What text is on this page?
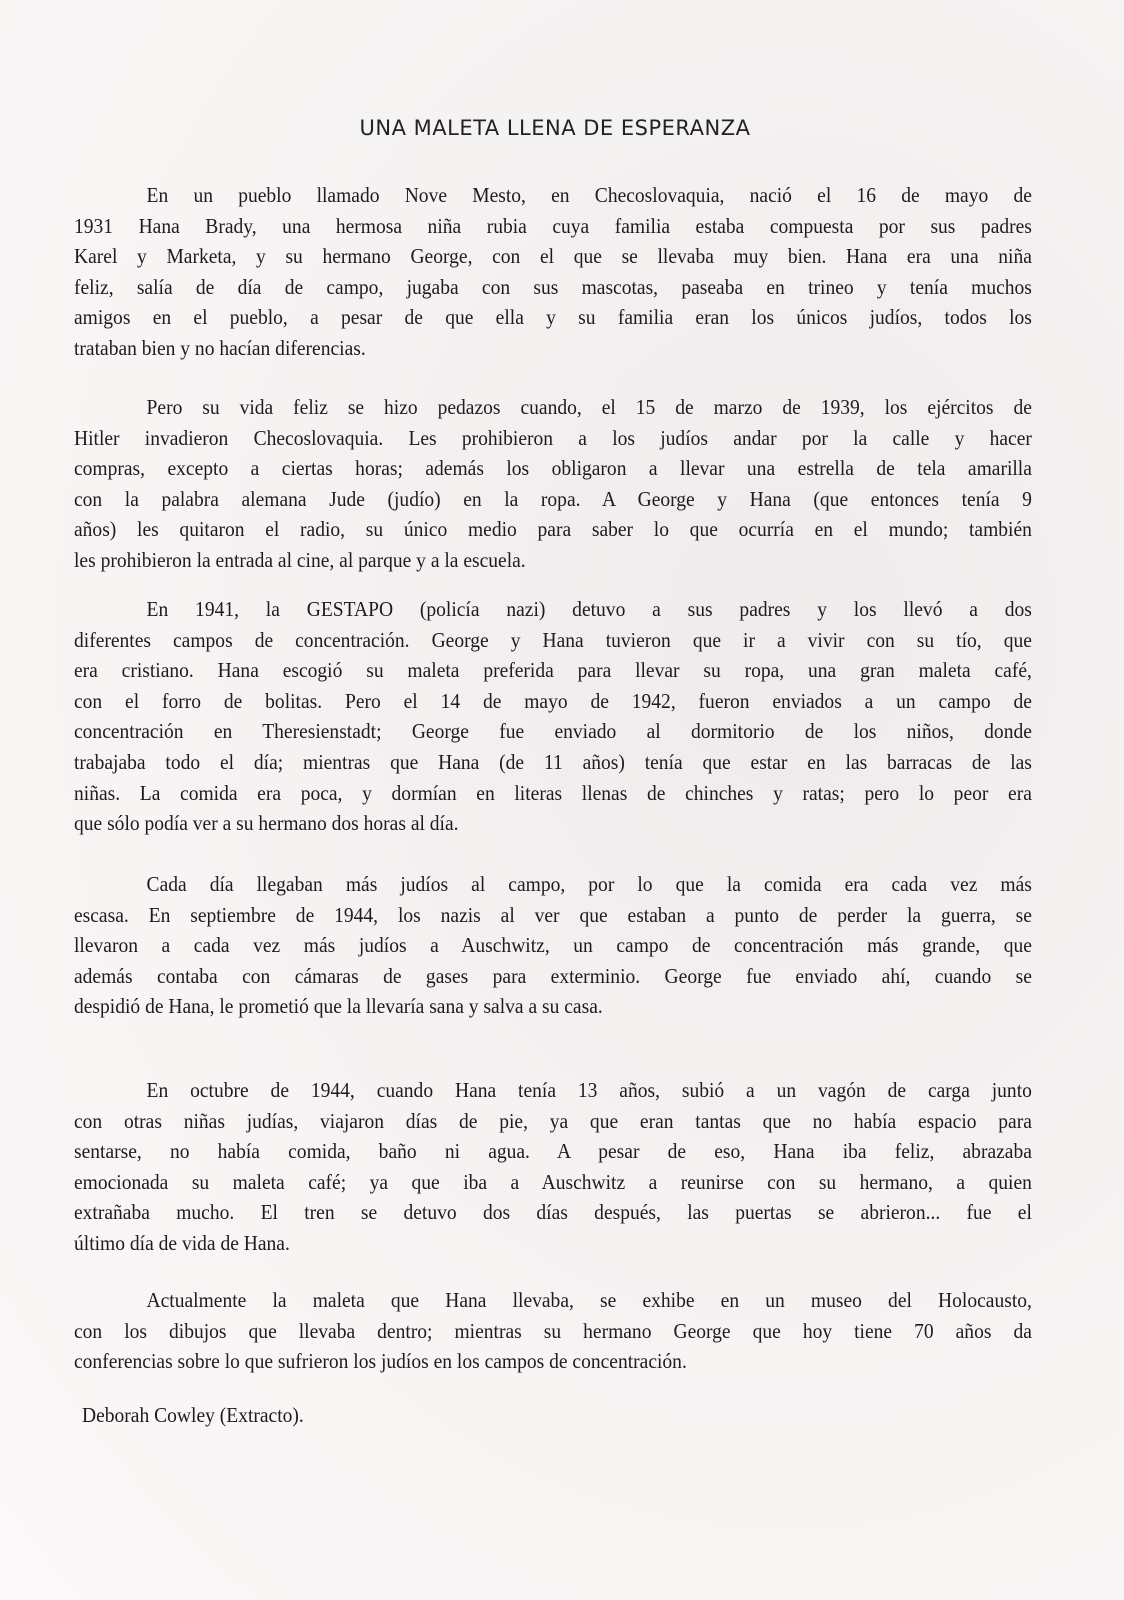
UNA MALETA LLENA DE ESPERANZA
En un pueblo llamado Nove Mesto, en Checoslovaquia, nació el 16 de mayo de
1931 Hana Brady, una hermosa niña rubia cuya familia estaba compuesta por sus padres
Karel y Marketa, y su hermano George, con el que se llevaba muy bien. Hana era una niña
feliz, salía de día de campo, jugaba con sus mascotas, paseaba en trineo y tenía muchos
amigos en el pueblo, a pesar de que ella y su familia eran los únicos judíos, todos los
trataban bien y no hacían diferencias.
Pero su vida feliz se hizo pedazos cuando, el 15 de marzo de 1939, los ejércitos de
Hitler invadieron Checoslovaquia. Les prohibieron a los judíos andar por la calle y hacer
compras, excepto a ciertas horas; además los obligaron a llevar una estrella de tela amarilla
con la palabra alemana Jude (judío) en la ropa. A George y Hana (que entonces tenía 9
años) les quitaron el radio, su único medio para saber lo que ocurría en el mundo; también
les prohibieron la entrada al cine, al parque y a la escuela.
En 1941, la GESTAPO (policía nazi) detuvo a sus padres y los llevó a dos
diferentes campos de concentración. George y Hana tuvieron que ir a vivir con su tío, que
era cristiano. Hana escogió su maleta preferida para llevar su ropa, una gran maleta café,
con el forro de bolitas. Pero el 14 de mayo de 1942, fueron enviados a un campo de
concentración en Theresienstadt; George fue enviado al dormitorio de los niños, donde
trabajaba todo el día; mientras que Hana (de 11 años) tenía que estar en las barracas de las
niñas. La comida era poca, y dormían en literas llenas de chinches y ratas; pero lo peor era
que sólo podía ver a su hermano dos horas al día.
Cada día llegaban más judíos al campo, por lo que la comida era cada vez más
escasa. En septiembre de 1944, los nazis al ver que estaban a punto de perder la guerra, se
llevaron a cada vez más judíos a Auschwitz, un campo de concentración más grande, que
además contaba con cámaras de gases para exterminio. George fue enviado ahí, cuando se
despidió de Hana, le prometió que la llevaría sana y salva a su casa.
En octubre de 1944, cuando Hana tenía 13 años, subió a un vagón de carga junto
con otras niñas judías, viajaron días de pie, ya que eran tantas que no había espacio para
sentarse, no había comida, baño ni agua. A pesar de eso, Hana iba feliz, abrazaba
emocionada su maleta café; ya que iba a Auschwitz a reunirse con su hermano, a quien
extrañaba mucho. El tren se detuvo dos días después, las puertas se abrieron... fue el
último día de vida de Hana.
Actualmente la maleta que Hana llevaba, se exhibe en un museo del Holocausto,
con los dibujos que llevaba dentro; mientras su hermano George que hoy tiene 70 años da
conferencias sobre lo que sufrieron los judíos en los campos de concentración.
Deborah Cowley (Extracto).
